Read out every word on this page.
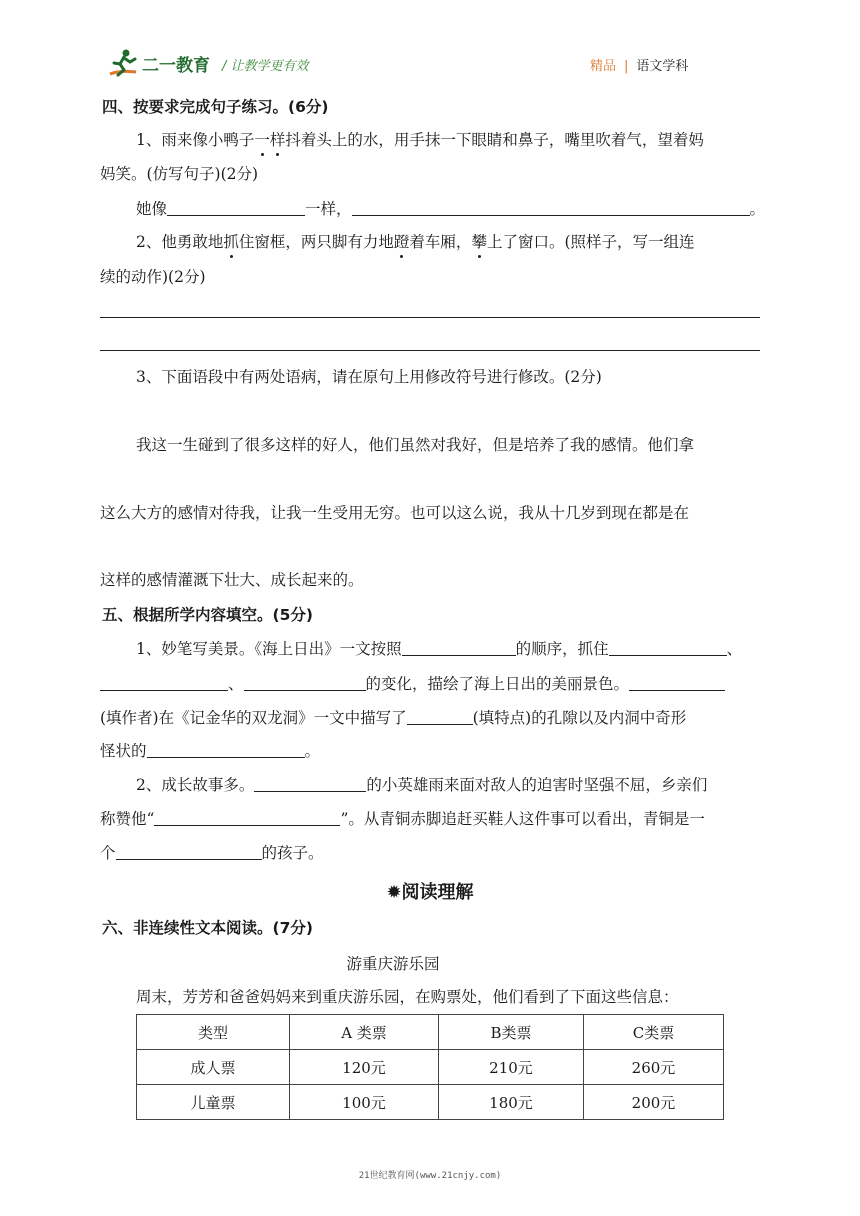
二一教育 / 让教学更有效	精品 | 语文学科
四、按要求完成句子练习。(6分)
1、雨来像小鸭子一样抖着头上的水，用手抹一下眼睛和鼻子，嘴里吹着气，望着妈
妈笑。(仿写句子)(2分)
她像	一样，	。
2、他勇敢地抓住窗框，两只脚有力地蹬着车厢，攀上了窗口。(照样子，写一组连
续的动作)(2分)
3、下面语段中有两处语病，请在原句上用修改符号进行修改。(2分)
我这一生碰到了很多这样的好人，他们虽然对我好，但是培养了我的感情。他们拿
这么大方的感情对待我，让我一生受用无穷。也可以这么说，我从十几岁到现在都是在
这样的感情灌溉下壮大、成长起来的。
五、根据所学内容填空。(5分)
1、妙笔写美景。《海上日出》一文按照	的顺序，抓住	、
、	的变化，描绘了海上日出的美丽景色。
(填作者)在《记金华的双龙洞》一文中描写了	(填特点)的孔隙以及内洞中奇形
怪状的	。
2、成长故事多。	的小英雄雨来面对敌人的迫害时坚强不屈，乡亲们
称赞他“	”。从青铜赤脚追赶买鞋人这件事可以看出，青铜是一
个	的孩子。
✹阅读理解
六、非连续性文本阅读。(7分)
游重庆游乐园
周末，芳芳和爸爸妈妈来到重庆游乐园，在购票处，他们看到了下面这些信息：
类型	A 类票	B类票	C类票
成人票	120元	210元	260元
儿童票	100元	180元	200元
21世纪教育网(www.21cnjy.com)
